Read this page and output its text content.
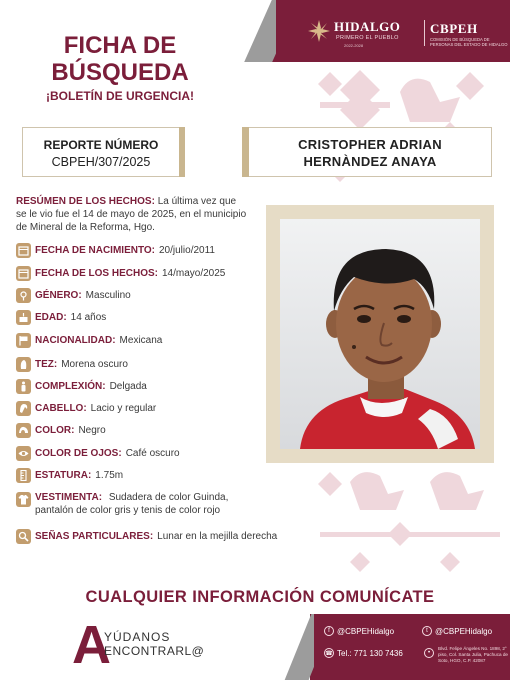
HIDALGO
PRIMERO EL PUEBLO
2022-2028
CBPEH
COMISIÓN DE BÚSQUEDA DE PERSONAS DEL ESTADO DE HIDALGO
FICHA DE
BÚSQUEDA
¡BOLETÍN DE URGENCIA!
REPORTE NÚMERO
CBPEH/307/2025
CRISTOPHER ADRIAN
HERNÀNDEZ ANAYA
RESÚMEN DE LOS HECHOS: La última vez que se le vio fue el 14 de mayo de 2025, en el municipio de Mineral de la Reforma, Hgo.
FECHA DE NACIMIENTO: 20/julio/2011
FECHA DE LOS HECHOS: 14/mayo/2025
GÉNERO: Masculino
EDAD: 14 años
NACIONALIDAD: Mexicana
TEZ: Morena oscuro
COMPLEXIÓN: Delgada
CABELLO: Lacio y regular
COLOR: Negro
COLOR DE OJOS: Café oscuro
ESTATURA: 1.75m
VESTIMENTA: Sudadera de color Guinda, pantalón de color gris y tenis de color rojo
SEÑAS PARTICULARES: Lunar en la mejilla derecha
CUALQUIER INFORMACIÓN COMUNÍCATE
A
YÚDANOS
ENCONTRARL@
f @CBPEHidalgo	t @CBPEHidalgo
☎ Tel.: 771 130 7436	•
Blvd. Felipe Ángeles No. 1898, 2° piso, Col. Santa Julia, Pachuca de Soto, HGO, C.P. 42087
